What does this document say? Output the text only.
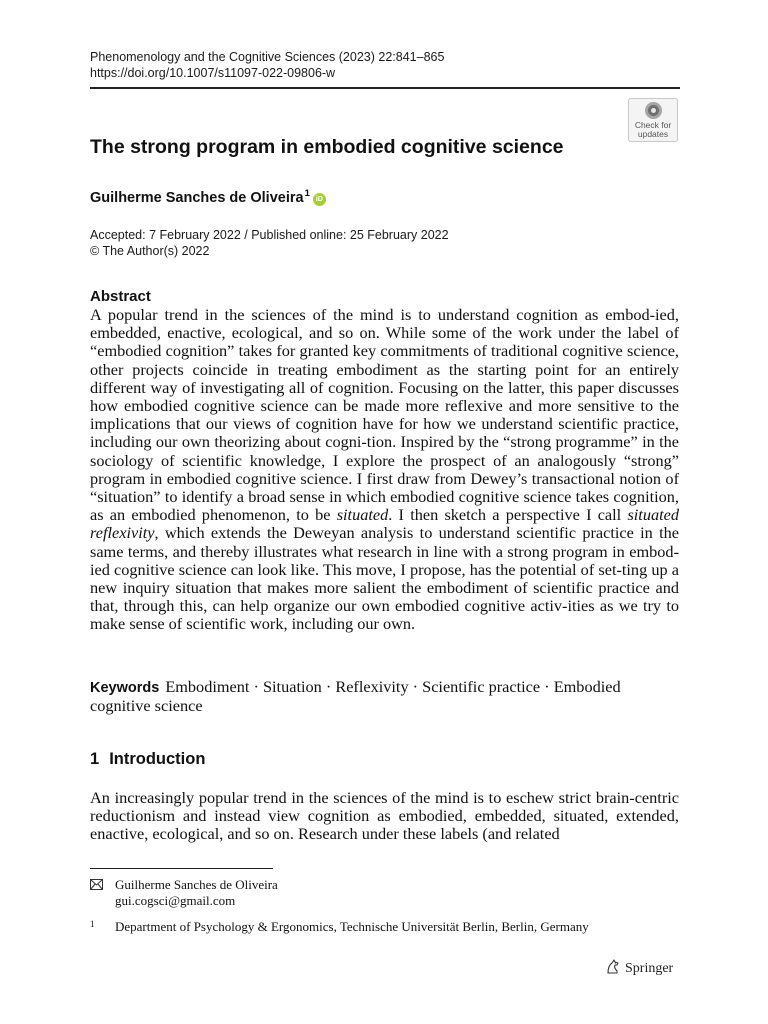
Phenomenology and the Cognitive Sciences (2023) 22:841–865
https://doi.org/10.1007/s11097-022-09806-w
Check for
updates
The strong program in embodied cognitive science
Guilherme Sanches de Oliveira$^1$iD
Accepted: 7 February 2022 / Published online: 25 February 2022
© The Author(s) 2022
Abstract

A popular trend in the sciences of the mind is to understand cognition as embod-ied, embedded, enactive, ecological, and so on. While some of the work under the label of “embodied cognition” takes for granted key commitments of traditional cognitive science, other projects coincide in treating embodiment as the starting point for an entirely different way of investigating all of cognition. Focusing on the latter, this paper discusses how embodied cognitive science can be made more reflexive and more sensitive to the implications that our views of cognition have for how we understand scientific practice, including our own theorizing about cogni-tion. Inspired by the “strong programme” in the sociology of scientific knowledge, I explore the prospect of an analogously “strong” program in embodied cognitive science. I first draw from Dewey’s transactional notion of “situation” to identify a broad sense in which embodied cognitive science takes cognition, as an embodied phenomenon, to be situated. I then sketch a perspective I call situated reflexivity, which extends the Deweyan analysis to understand scientific practice in the same terms, and thereby illustrates what research in line with a strong program in embod-ied cognitive science can look like. This move, I propose, has the potential of set-ting up a new inquiry situation that makes more salient the embodiment of scientific practice and that, through this, can help organize our own embodied cognitive activ-ities as we try to make sense of scientific work, including our own.

Keywords Embodiment · Situation · Reflexivity · Scientific practice · Embodied cognitive science
1 Introduction

An increasingly popular trend in the sciences of the mind is to eschew strict brain-centric reductionism and instead view cognition as embodied, embedded, situated, extended, enactive, ecological, and so on. Research under these labels (and related

Guilherme Sanches de Oliveira
gui.cogsci@gmail.com
1 Department of Psychology & Ergonomics, Technische Universität Berlin, Berlin, Germany
Springer
